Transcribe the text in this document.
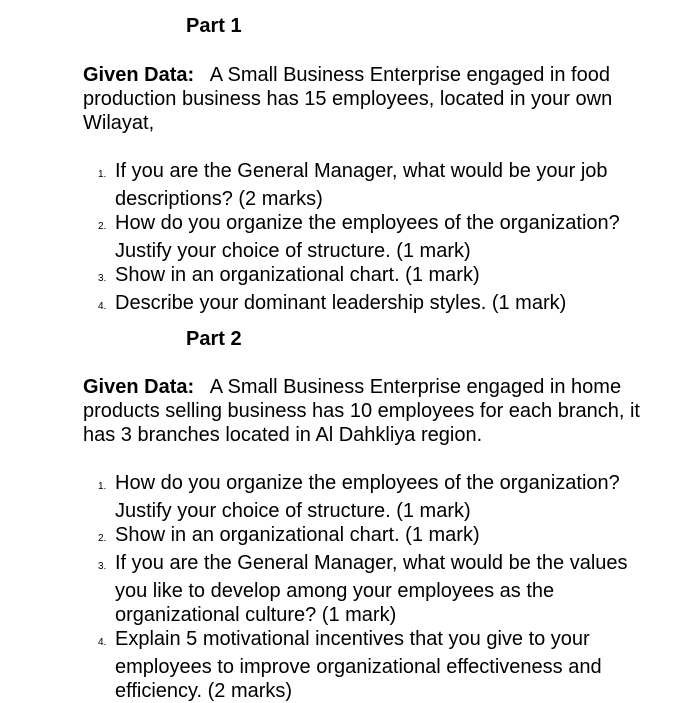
Part 1

Given Data: A Small Business Enterprise engaged in food production business has 15 employees, located in your own Wilayat,

1. If you are the General Manager, what would be your job descriptions? (2 marks)
2. How do you organize the employees of the organization? Justify your choice of structure. (1 mark)
3. Show in an organizational chart. (1 mark)
4. Describe your dominant leadership styles. (1 mark)
Part 2

Given Data: A Small Business Enterprise engaged in home products selling business has 10 employees for each branch, it has 3 branches located in Al Dahkliya region.

1. How do you organize the employees of the organization? Justify your choice of structure. (1 mark)
2. Show in an organizational chart. (1 mark)
3. If you are the General Manager, what would be the values you like to develop among your employees as the organizational culture? (1 mark)
4. Explain 5 motivational incentives that you give to your employees to improve organizational effectiveness and efficiency. (2 marks)
